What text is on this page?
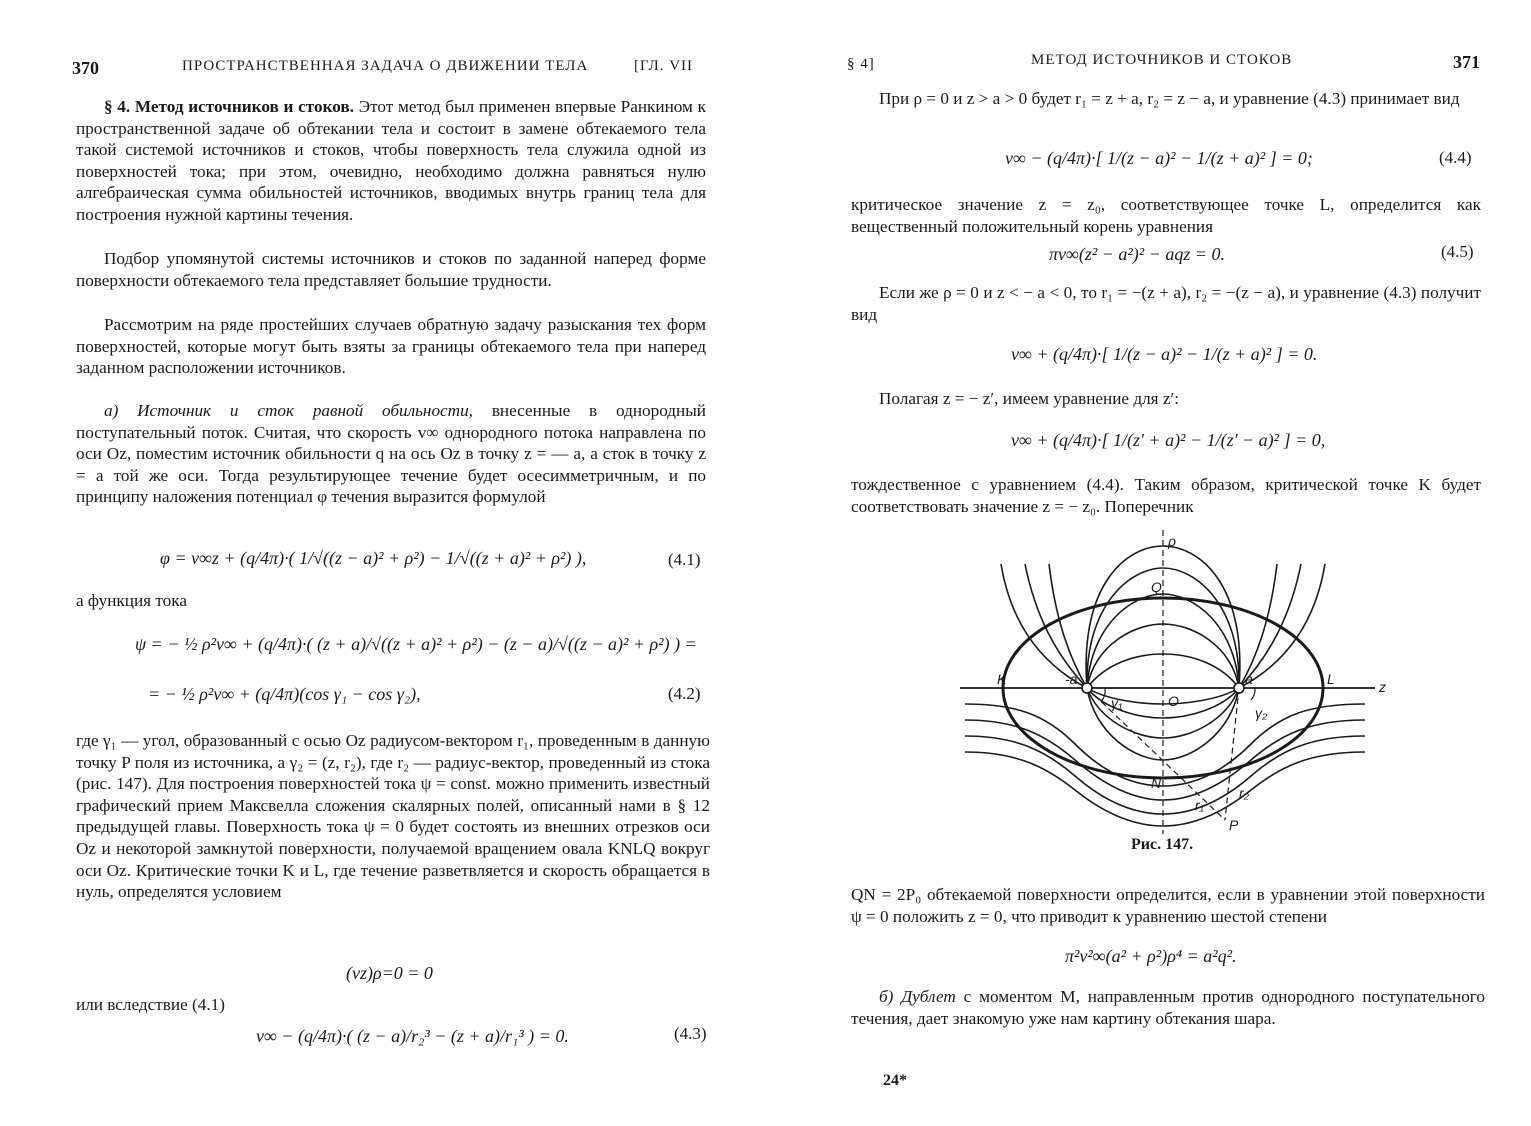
370	ПРОСТРАНСТВЕННАЯ ЗАДАЧА О ДВИЖЕНИИ ТЕЛА	[ГЛ. VII

§ 4. Метод источников и стоков. Этот метод был применен впервые Ранкином к пространственной задаче об обтекании тела и состоит в замене обтекаемого тела такой системой источников и стоков, чтобы поверхность тела служила одной из поверхностей тока; при этом, очевидно, необходимо должна равняться нулю алгебраическая сумма обильностей источников, вводимых внутрь границ тела для построения нужной картины течения.

Подбор упомянутой системы источников и стоков по заданной наперед форме поверхности обтекаемого тела представляет большие трудности.

Рассмотрим на ряде простейших случаев обратную задачу разыскания тех форм поверхностей, которые могут быть взяты за границы обтекаемого тела при наперед заданном расположении источников.

а) Источник и сток равной обильности, внесенные в однородный поступательный поток. Считая, что скорость v∞ однородного потока направлена по оси Oz, поместим источник обильности q на ось Oz в точку z = — a, а сток в точку z = a той же оси. Тогда результирующее течение будет осесимметричным, и по принципу наложения потенциал φ течения выразится формулой

φ = v∞z + (q/4π)·( 1/√((z − a)² + ρ²) − 1/√((z + a)² + ρ²) ),	(4.1)

а функция тока

ψ = − ½ ρ²v∞ + (q/4π)·( (z + a)/√((z + a)² + ρ²) − (z − a)/√((z − a)² + ρ²) ) =
= − ½ ρ²v∞ + (q/4π)(cos γ₁ − cos γ₂),	(4.2)

где γ₁ — угол, образованный с осью Oz радиусом-вектором r₁, проведенным в данную точку P поля из источника, а γ₂ = (z, r₂), где r₂ — радиус-вектор, проведенный из стока (рис. 147). Для построения поверхностей тока ψ = const. можно применить известный графический прием Максвелла сложения скалярных полей, описанный нами в § 12 предыдущей главы. Поверхность тока ψ = 0 будет состоять из внешних отрезков оси Oz и некоторой замкнутой поверхности, получаемой вращением овала KNLQ вокруг оси Oz. Критические точки K и L, где течение разветвляется и скорость обращается в нуль, определятся условием

(vz)ρ=0 = 0

или вследствие (4.1)

v∞ − (q/4π)·( (z − a)/r₂³ − (z + a)/r₁³ ) = 0.	(4.3)
§ 4]	МЕТОД ИСТОЧНИКОВ И СТОКОВ	371

При ρ = 0 и z > a > 0 будет r₁ = z + a, r₂ = z − a, и уравнение (4.3) принимает вид

v∞ − (q/4π)·[ 1/(z − a)² − 1/(z + a)² ] = 0;	(4.4)

критическое значение z = z₀, соответствующее точке L, определится как вещественный положительный корень уравнения

πv∞(z² − a²)² − aqz = 0.	(4.5)

Если же ρ = 0 и z < − a < 0, то r₁ = −(z + a), r₂ = −(z − a), и уравнение (4.3) получит вид

v∞ + (q/4π)·[ 1/(z − a)² − 1/(z + a)² ] = 0.

Полагая z = − z′, имеем уравнение для z′:

v∞ + (q/4π)·[ 1/(z′ + a)² − 1/(z′ − a)² ] = 0,

тождественное с уравнением (4.4). Таким образом, критической точке K будет соответствовать значение z = − z₀. Поперечник

ρ
Q
K	-a
O
a	L	z
γ₁
γ₂
N
r₁
r₂
P
Рис. 147.

QN = 2P₀ обтекаемой поверхности определится, если в уравнении этой поверхности ψ = 0 положить z = 0, что приводит к уравнению шестой степени

π²v²∞(a² + ρ²)ρ⁴ = a²q².

б) Дублет с моментом M, направленным против однородного поступательного течения, дает знакомую уже нам картину обтекания шара.

24*
